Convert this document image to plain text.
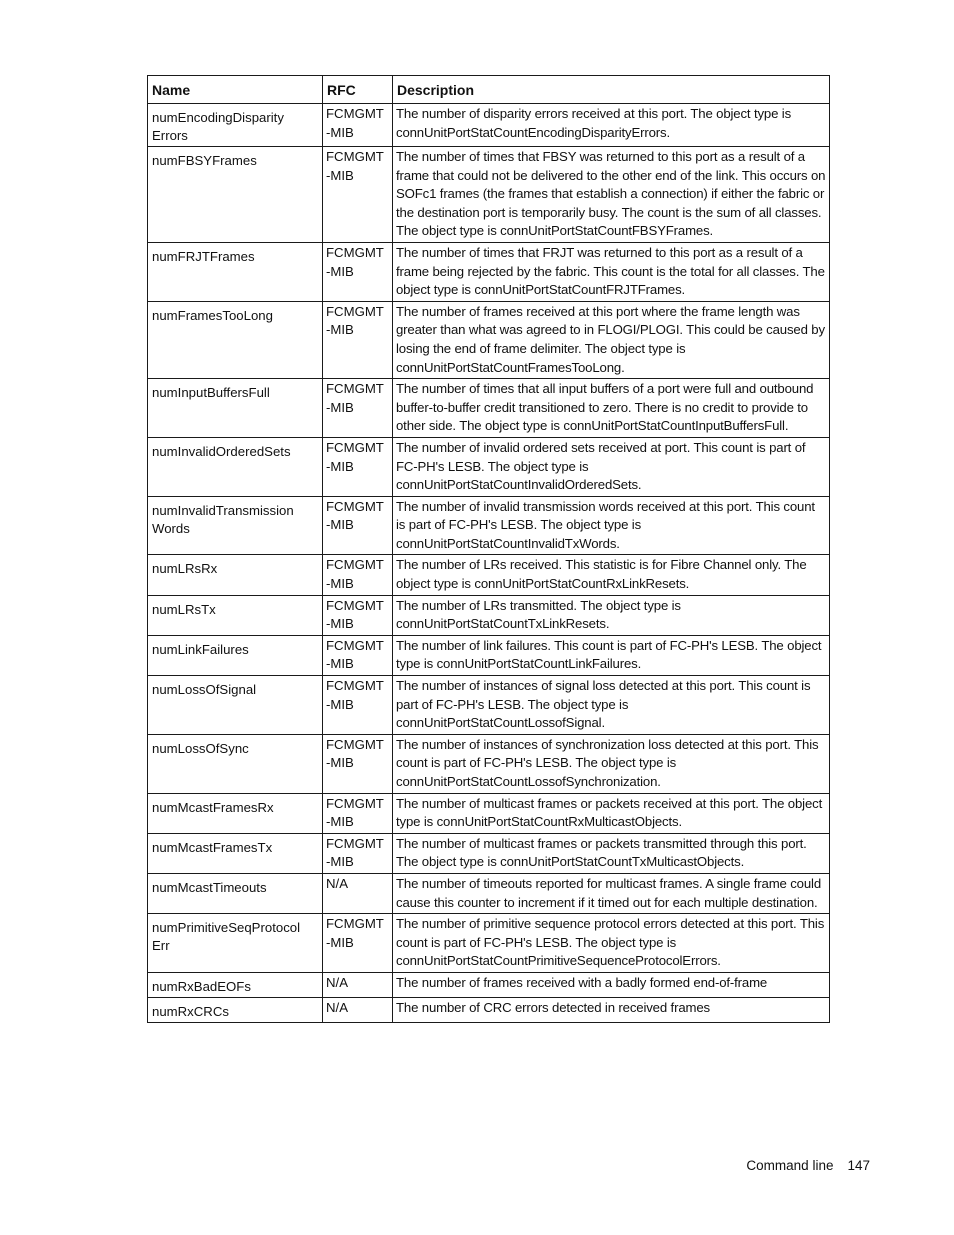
Name	RFC	Description
numEncodingDisparity Errors	FCMGMT -MIB	The number of disparity errors received at this port. The object type is connUnitPortStatCountEncodingDisparityErrors.
numFBSYFrames	FCMGMT -MIB	The number of times that FBSY was returned to this port as a result of a frame that could not be delivered to the other end of the link. This occurs on SOFc1 frames (the frames that establish a connection) if either the fabric or the destination port is temporarily busy. The count is the sum of all classes. The object type is connUnitPortStatCountFBSYFrames.
numFRJTFrames	FCMGMT -MIB	The number of times that FRJT was returned to this port as a result of a frame being rejected by the fabric. This count is the total for all classes. The object type is connUnitPortStatCountFRJTFrames.
numFramesTooLong	FCMGMT -MIB	The number of frames received at this port where the frame length was greater than what was agreed to in FLOGI/PLOGI. This could be caused by losing the end of frame delimiter. The object type is connUnitPortStatCountFramesTooLong.
numInputBuffersFull	FCMGMT -MIB	The number of times that all input buffers of a port were full and outbound buffer-to-buffer credit transitioned to zero. There is no credit to provide to other side. The object type is connUnitPortStatCountInputBuffersFull.
numInvalidOrderedSets	FCMGMT -MIB	The number of invalid ordered sets received at port. This count is part of FC-PH's LESB. The object type is connUnitPortStatCountInvalidOrderedSets.
numInvalidTransmission Words	FCMGMT -MIB	The number of invalid transmission words received at this port. This count is part of FC-PH's LESB. The object type is connUnitPortStatCountInvalidTxWords.
numLRsRx	FCMGMT -MIB	The number of LRs received. This statistic is for Fibre Channel only. The object type is connUnitPortStatCountRxLinkResets.
numLRsTx	FCMGMT -MIB	The number of LRs transmitted. The object type is connUnitPortStatCountTxLinkResets.
numLinkFailures	FCMGMT -MIB	The number of link failures. This count is part of FC-PH's LESB. The object type is connUnitPortStatCountLinkFailures.
numLossOfSignal	FCMGMT -MIB	The number of instances of signal loss detected at this port. This count is part of FC-PH's LESB. The object type is connUnitPortStatCountLossofSignal.
numLossOfSync	FCMGMT -MIB	The number of instances of synchronization loss detected at this port. This count is part of FC-PH's LESB. The object type is connUnitPortStatCountLossofSynchronization.
numMcastFramesRx	FCMGMT -MIB	The number of multicast frames or packets received at this port. The object type is connUnitPortStatCountRxMulticastObjects.
numMcastFramesTx	FCMGMT -MIB	The number of multicast frames or packets transmitted through this port. The object type is connUnitPortStatCountTxMulticastObjects.
numMcastTimeouts	N/A	The number of timeouts reported for multicast frames. A single frame could cause this counter to increment if it timed out for each multiple destination.
numPrimitiveSeqProtocol Err	FCMGMT -MIB	The number of primitive sequence protocol errors detected at this port. This count is part of FC-PH's LESB. The object type is connUnitPortStatCountPrimitiveSequenceProtocolErrors.
numRxBadEOFs	N/A	The number of frames received with a badly formed end-of-frame
numRxCRCs	N/A	The number of CRC errors detected in received frames
Command line 147
